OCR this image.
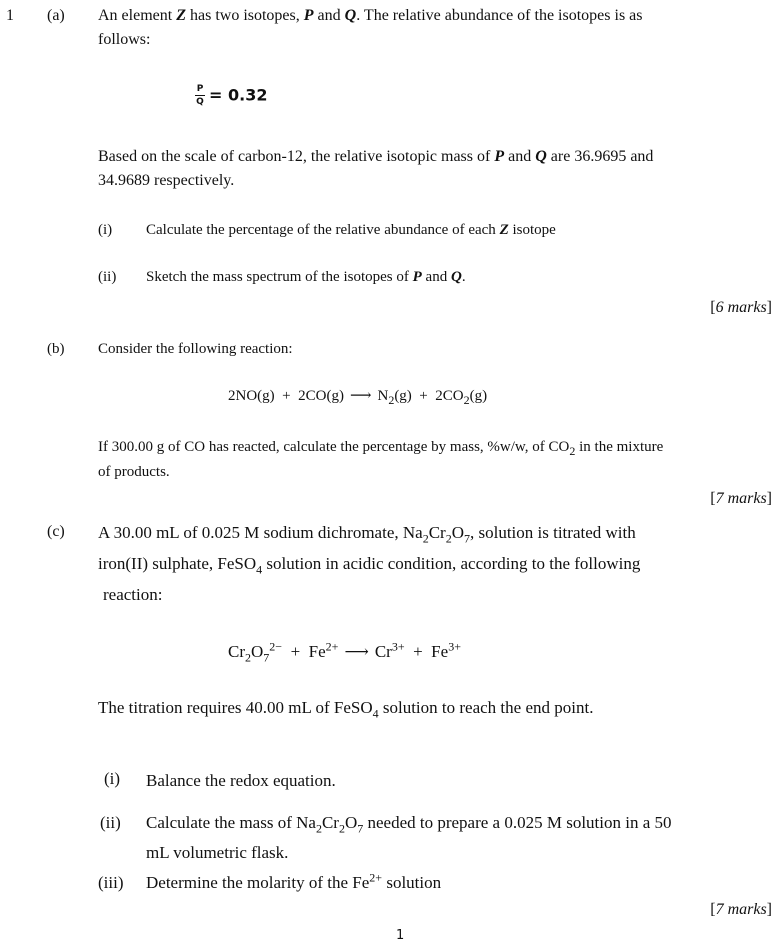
1 (a) An element Z has two isotopes, P and Q. The relative abundance of the isotopes is as
follows:
$\frac{P}{Q} = 0.32$
Based on the scale of carbon-12, the relative isotopic mass of P and Q are 36.9695 and
34.9689 respectively.
(i) Calculate the percentage of the relative abundance of each Z isotope
(ii) Sketch the mass spectrum of the isotopes of P and Q.
[6 marks]
(b) Consider the following reaction:
2NO(g)  +  2CO(g) ⟶ $N_2(g) + 2CO_2(g)$
If 300.00 g of CO has reacted, calculate the percentage by mass, %w/w, of $CO_2$ in the mixture
of products.
[7 marks]
(c) A 30.00 mL of 0.025 M sodium dichromate, $Na_2Cr_2O_7$, solution is titrated with
iron(II) sulphate, FeSO$_4$ solution in acidic condition, according to the following
reaction:
$Cr_2O_7^{2-} + Fe^{2+}$ ⟶ $Cr^{3+} + Fe^{3+}$
The titration requires 40.00 mL of FeSO$_4$ solution to reach the end point.
(i) Balance the redox equation.
(ii) Calculate the mass of $Na_2Cr_2O_7$ needed to prepare a 0.025 M solution in a 50
mL volumetric flask.
(iii) Determine the molarity of the $Fe^{2+}$ solution
[7 marks]
1
